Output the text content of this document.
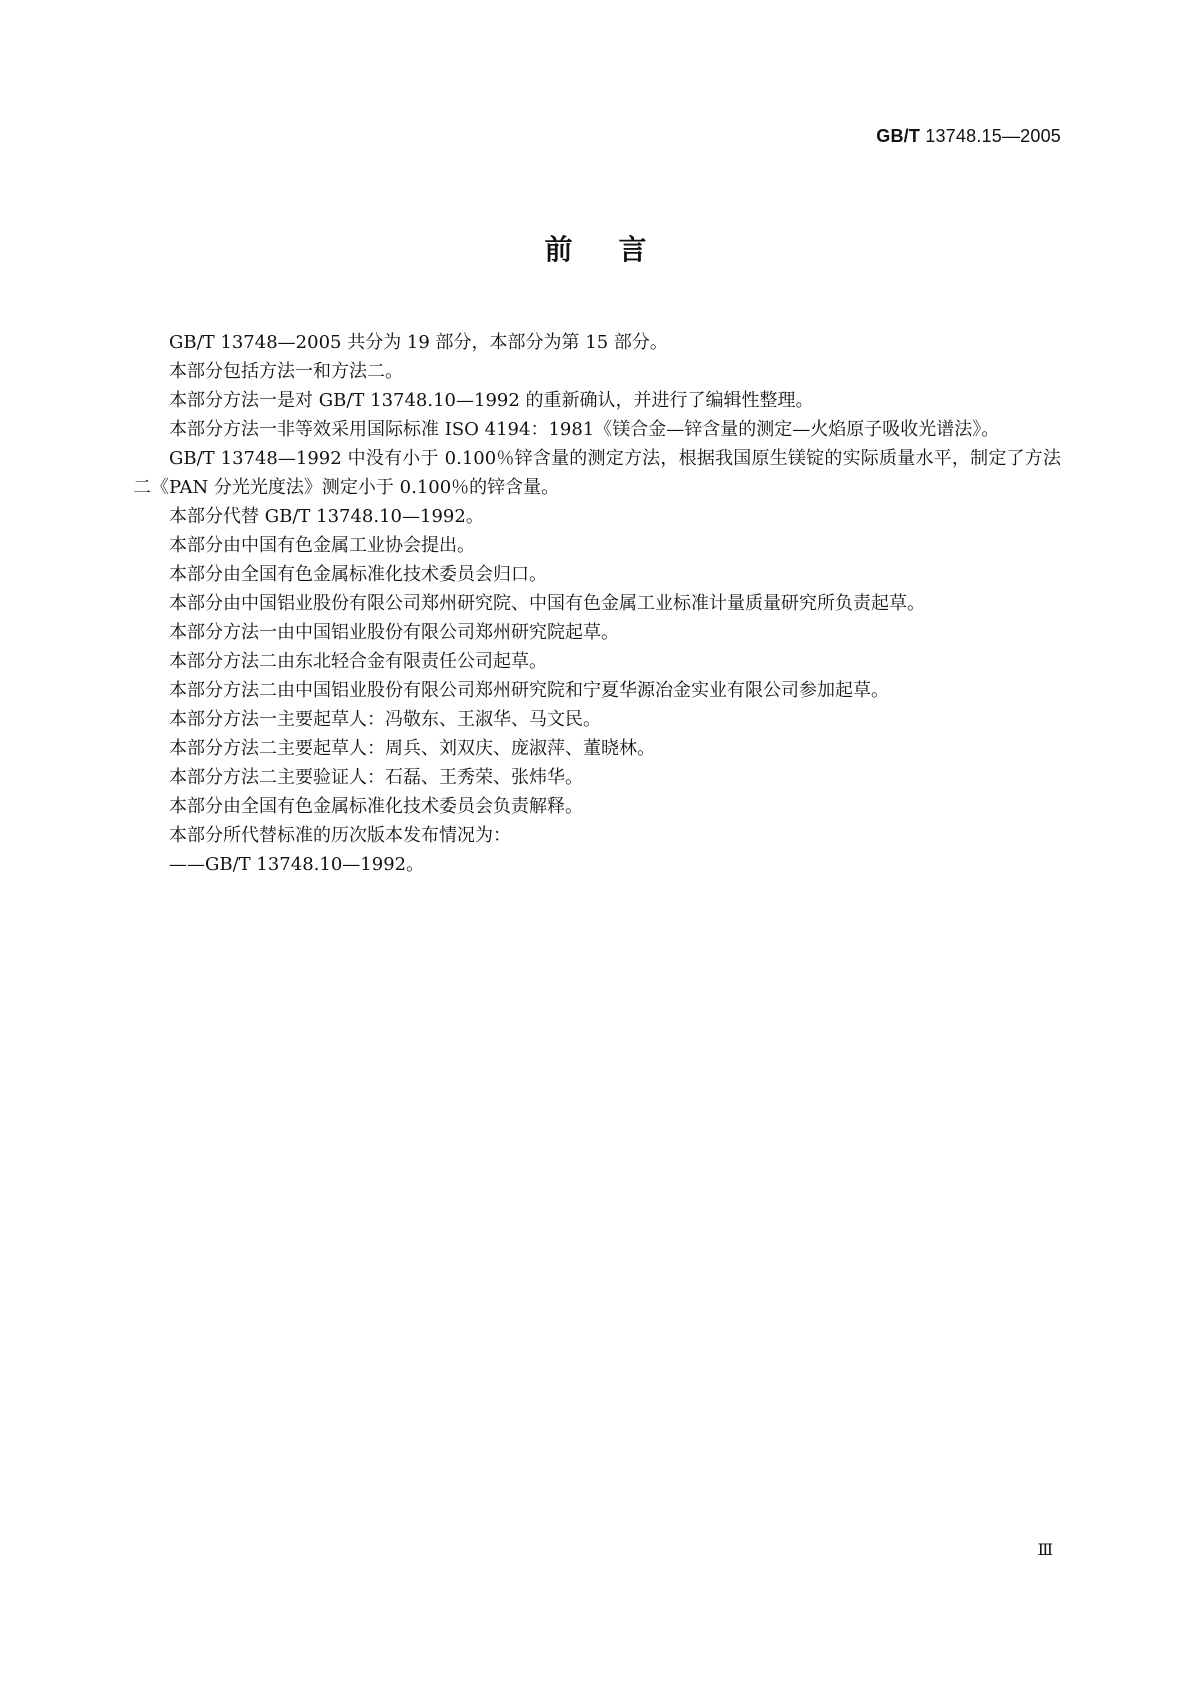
GB/T 13748.15—2005
前言

GB/T 13748—2005 共分为 19 部分，本部分为第 15 部分。

本部分包括方法一和方法二。

本部分方法一是对 GB/T 13748.10—1992 的重新确认，并进行了编辑性整理。

本部分方法一非等效采用国际标准 ISO 4194：1981《镁合金—锌含量的测定—火焰原子吸收光谱法》。

GB/T 13748—1992 中没有小于 0.100％锌含量的测定方法，根据我国原生镁锭的实际质量水平，制定了方法二《PAN 分光光度法》测定小于 0.100％的锌含量。

本部分代替 GB/T 13748.10—1992。

本部分由中国有色金属工业协会提出。

本部分由全国有色金属标准化技术委员会归口。

本部分由中国铝业股份有限公司郑州研究院、中国有色金属工业标准计量质量研究所负责起草。

本部分方法一由中国铝业股份有限公司郑州研究院起草。

本部分方法二由东北轻合金有限责任公司起草。

本部分方法二由中国铝业股份有限公司郑州研究院和宁夏华源冶金实业有限公司参加起草。

本部分方法一主要起草人：冯敬东、王淑华、马文民。

本部分方法二主要起草人：周兵、刘双庆、庞淑萍、董晓林。

本部分方法二主要验证人：石磊、王秀荣、张炜华。

本部分由全国有色金属标准化技术委员会负责解释。

本部分所代替标准的历次版本发布情况为：

——GB/T 13748.10—1992。

Ⅲ
